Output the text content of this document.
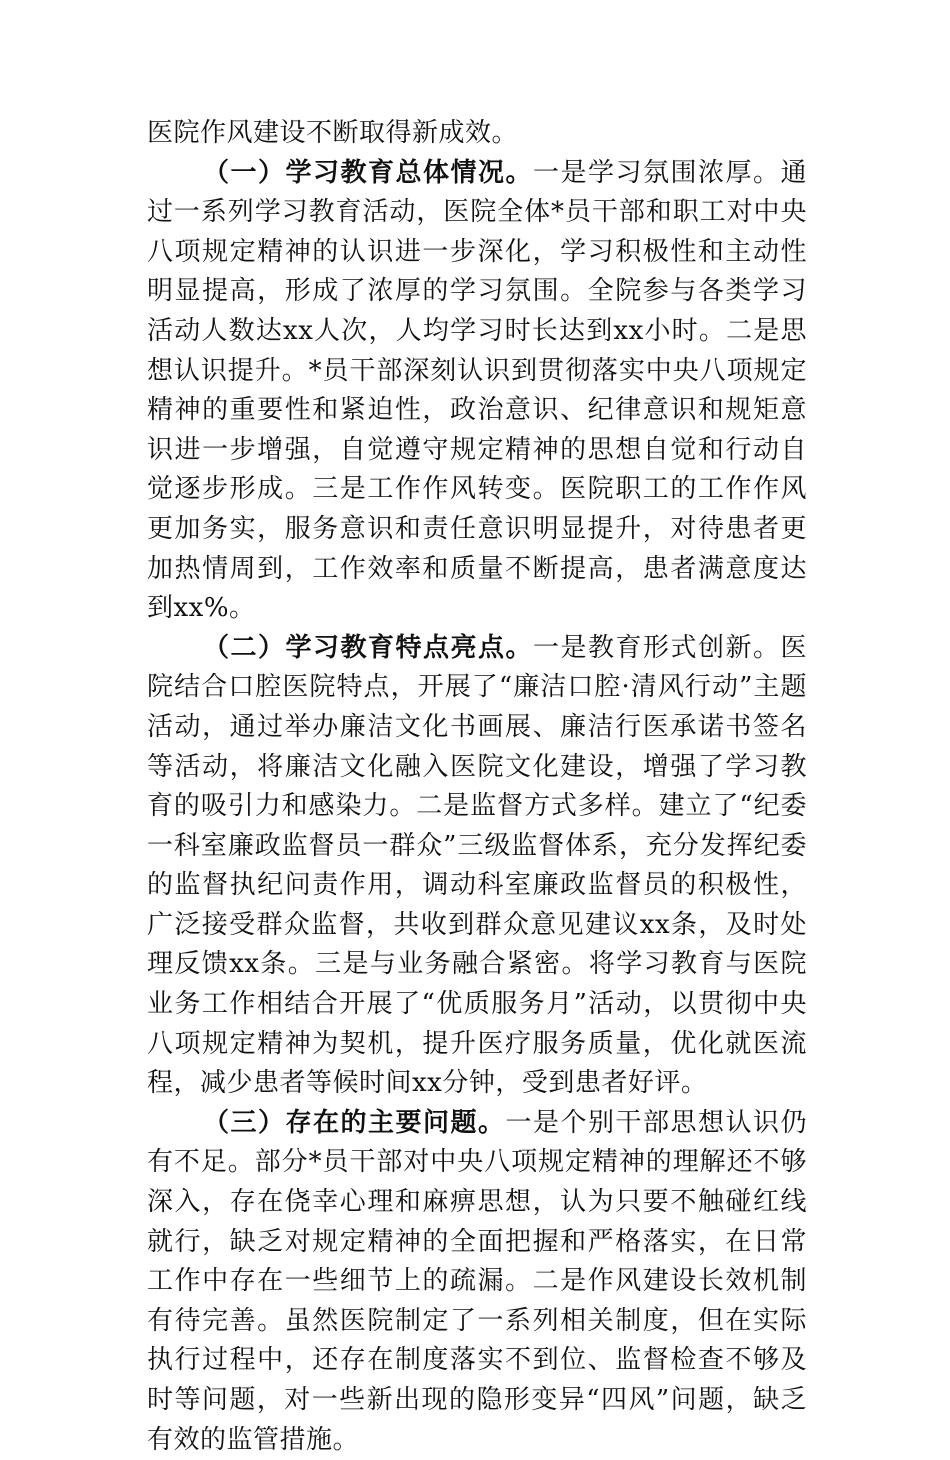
医院作风建设不断取得新成效。

（一）学习教育总体情况。一是学习氛围浓厚。通过一系列学习教育活动，医院全体*员干部和职工对中央八项规定精神的认识进一步深化，学习积极性和主动性明显提高，形成了浓厚的学习氛围。全院参与各类学习活动人数达xx人次，人均学习时长达到xx小时。二是思想认识提升。*员干部深刻认识到贯彻落实中央八项规定精神的重要性和紧迫性，政治意识、纪律意识和规矩意识进一步增强，自觉遵守规定精神的思想自觉和行动自觉逐步形成。三是工作作风转变。医院职工的工作作风更加务实，服务意识和责任意识明显提升，对待患者更加热情周到，工作效率和质量不断提高，患者满意度达到xx%。

（二）学习教育特点亮点。一是教育形式创新。医院结合口腔医院特点，开展了“廉洁口腔·清风行动”主题活动，通过举办廉洁文化书画展、廉洁行医承诺书签名等活动，将廉洁文化融入医院文化建设，增强了学习教育的吸引力和感染力。二是监督方式多样。建立了“纪委一科室廉政监督员一群众”三级监督体系，充分发挥纪委的监督执纪问责作用，调动科室廉政监督员的积极性，广泛接受群众监督，共收到群众意见建议xx条，及时处理反馈xx条。三是与业务融合紧密。将学习教育与医院业务工作相结合开展了“优质服务月”活动，以贯彻中央八项规定精神为契机，提升医疗服务质量，优化就医流程，减少患者等候时间xx分钟，受到患者好评。

（三）存在的主要问题。一是个别干部思想认识仍有不足。部分*员干部对中央八项规定精神的理解还不够深入，存在侥幸心理和麻痹思想，认为只要不触碰红线就行，缺乏对规定精神的全面把握和严格落实，在日常工作中存在一些细节上的疏漏。二是作风建设长效机制有待完善。虽然医院制定了一系列相关制度，但在实际执行过程中，还存在制度落实不到位、监督检查不够及时等问题，对一些新出现的隐形变异“四风”问题，缺乏有效的监管措施。
